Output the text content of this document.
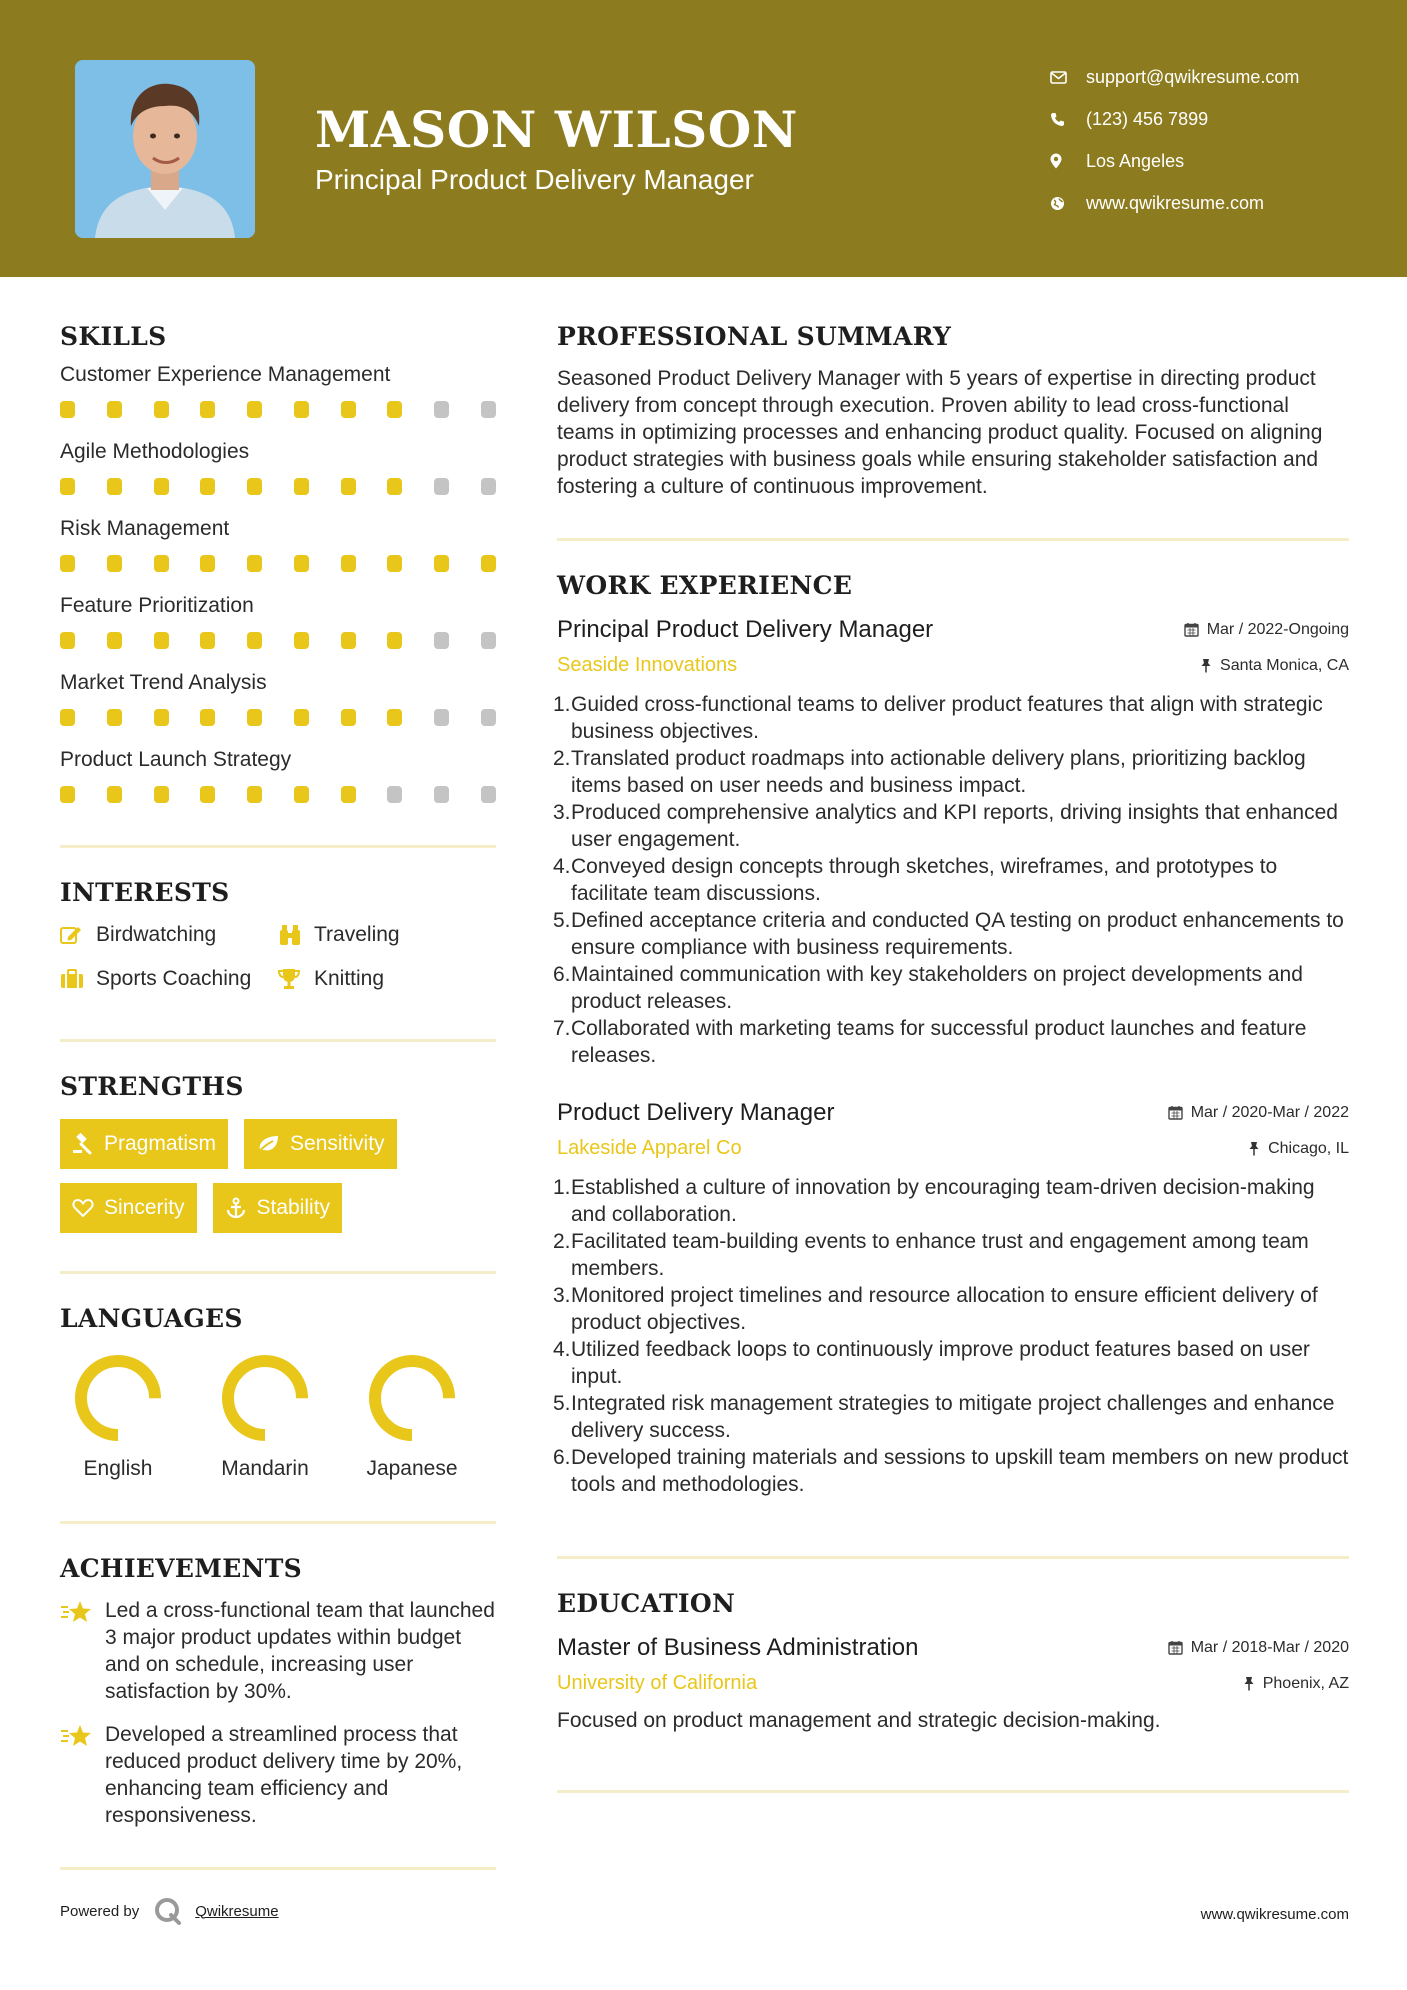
MASON WILSON
Principal Product Delivery Manager
support@qwikresume.com
(123) 456 7899
Los Angeles
www.qwikresume.com
SKILLS
Customer Experience Management
Agile Methodologies
Risk Management
Feature Prioritization
Market Trend Analysis
Product Launch Strategy
INTERESTS
Birdwatching	Traveling
Sports Coaching	Knitting
STRENGTHS
Pragmatism	Sensitivity
Sincerity	Stability
LANGUAGES
English	Mandarin	Japanese
ACHIEVEMENTS
Led a cross-functional team that launched 3 major product updates within budget and on schedule, increasing user satisfaction by 30%.
Developed a streamlined process that reduced product delivery time by 20%, enhancing team efficiency and responsiveness.
PROFESSIONAL SUMMARY
Seasoned Product Delivery Manager with 5 years of expertise in directing product delivery from concept through execution. Proven ability to lead cross-functional teams in optimizing processes and enhancing product quality. Focused on aligning product strategies with business goals while ensuring stakeholder satisfaction and fostering a culture of continuous improvement.
WORK EXPERIENCE
Principal Product Delivery Manager	Mar / 2022-Ongoing
Seaside Innovations	Santa Monica, CA
1. Guided cross-functional teams to deliver product features that align with strategic business objectives.
2. Translated product roadmaps into actionable delivery plans, prioritizing backlog items based on user needs and business impact.
3. Produced comprehensive analytics and KPI reports, driving insights that enhanced user engagement.
4. Conveyed design concepts through sketches, wireframes, and prototypes to facilitate team discussions.
5. Defined acceptance criteria and conducted QA testing on product enhancements to ensure compliance with business requirements.
6. Maintained communication with key stakeholders on project developments and product releases.
7. Collaborated with marketing teams for successful product launches and feature releases.
Product Delivery Manager	Mar / 2020-Mar / 2022
Lakeside Apparel Co	Chicago, IL
1. Established a culture of innovation by encouraging team-driven decision-making and collaboration.
2. Facilitated team-building events to enhance trust and engagement among team members.
3. Monitored project timelines and resource allocation to ensure efficient delivery of product objectives.
4. Utilized feedback loops to continuously improve product features based on user input.
5. Integrated risk management strategies to mitigate project challenges and enhance delivery success.
6. Developed training materials and sessions to upskill team members on new product tools and methodologies.
EDUCATION
Master of Business Administration	Mar / 2018-Mar / 2020
University of California	Phoenix, AZ
Focused on product management and strategic decision-making.
Powered by	Qwikresume	www.qwikresume.com
